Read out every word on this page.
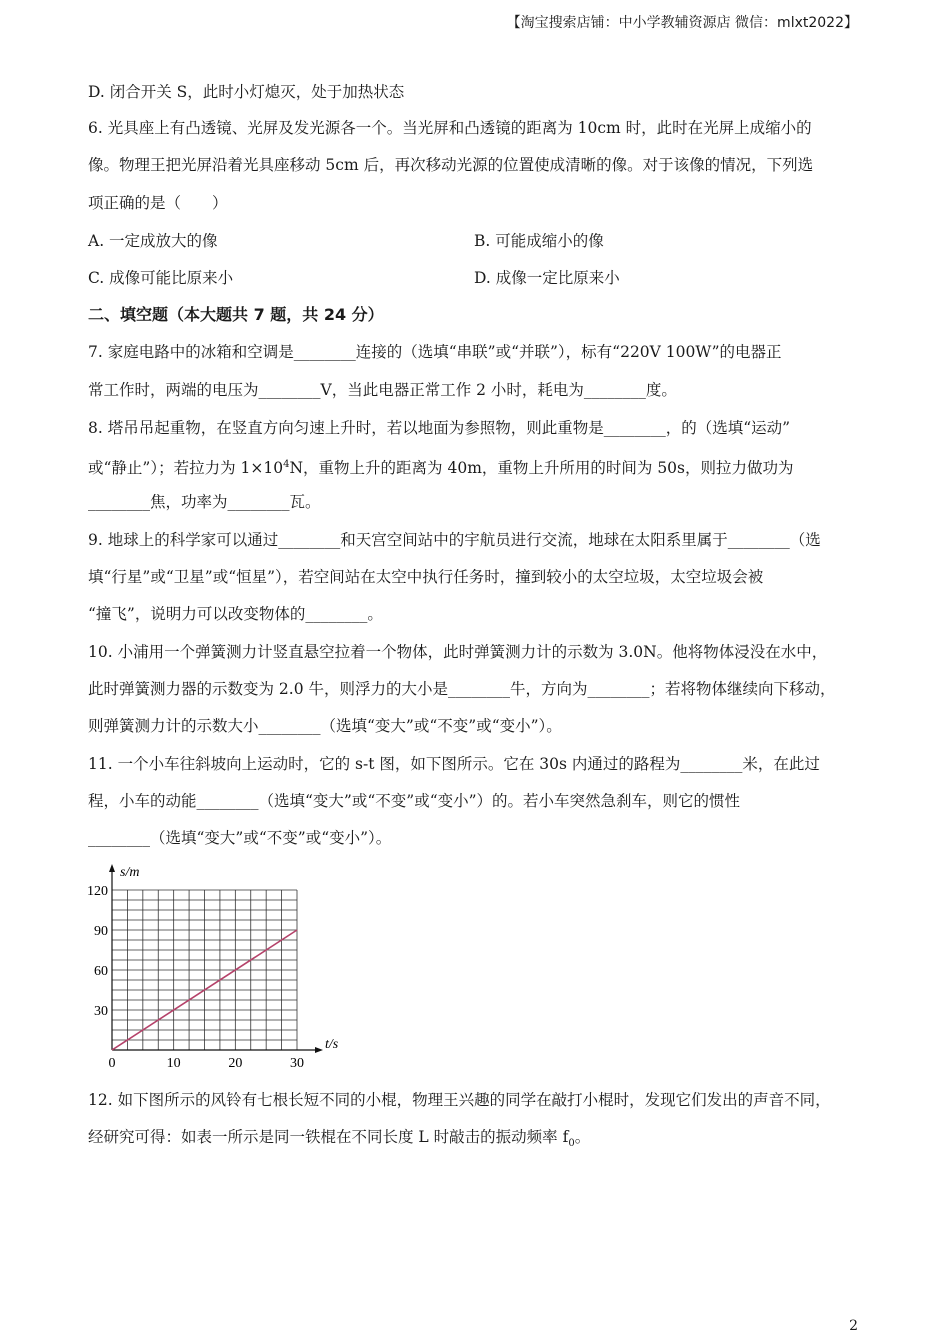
【淘宝搜索店铺：中小学教辅资源店 微信：mlxt2022】
D. 闭合开关 S，此时小灯熄灭，处于加热状态
6. 光具座上有凸透镜、光屏及发光源各一个。当光屏和凸透镜的距离为 10cm 时，此时在光屏上成缩小的
像。物理王把光屏沿着光具座移动 5cm 后，再次移动光源的位置使成清晰的像。对于该像的情况，下列选
项正确的是（　　）
A. 一定成放大的像	B. 可能成缩小的像
C. 成像可能比原来小	D. 成像一定比原来小
二、填空题（本大题共 7 题，共 24 分）
7. 家庭电路中的冰箱和空调是________连接的（选填“串联”或“并联”），标有“220V 100W”的电器正
常工作时，两端的电压为________V，当此电器正常工作 2 小时，耗电为________度。
8. 塔吊吊起重物，在竖直方向匀速上升时，若以地面为参照物，则此重物是________，的（选填“运动”
或“静止”）；若拉力为 $1\times 10^4N$，重物上升的距离为 40m，重物上升所用的时间为 50s，则拉力做功为
________焦，功率为________瓦。
9. 地球上的科学家可以通过________和天宫空间站中的宇航员进行交流，地球在太阳系里属于________（选
填“行星”或“卫星”或“恒星”），若空间站在太空中执行任务时，撞到较小的太空垃圾，太空垃圾会被
“撞飞”，说明力可以改变物体的________。
10. 小浦用一个弹簧测力计竖直悬空拉着一个物体，此时弹簧测力计的示数为 3.0N。他将物体浸没在水中，
此时弹簧测力器的示数变为 2.0 牛，则浮力的大小是________牛，方向为________；若将物体继续向下移动，
则弹簧测力计的示数大小________（选填“变大”或“不变”或“变小”）。
11. 一个小车往斜坡向上运动时，它的 s-t 图，如下图所示。它在 30s 内通过的路程为________米，在此过
程，小车的动能________（选填“变大”或“不变”或“变小”）的。若小车突然急刹车，则它的惯性
________（选填“变大”或“不变”或“变小”）。
12. 如下图所示的风铃有七根长短不同的小棍，物理王兴趣的同学在敲打小棍时，发现它们发出的声音不同，
经研究可得：如表一所示是同一铁棍在不同长度 L 时敲击的振动频率 $f_0$。
t/s
s/m
0	10	20	30
30
60
90
120
2
